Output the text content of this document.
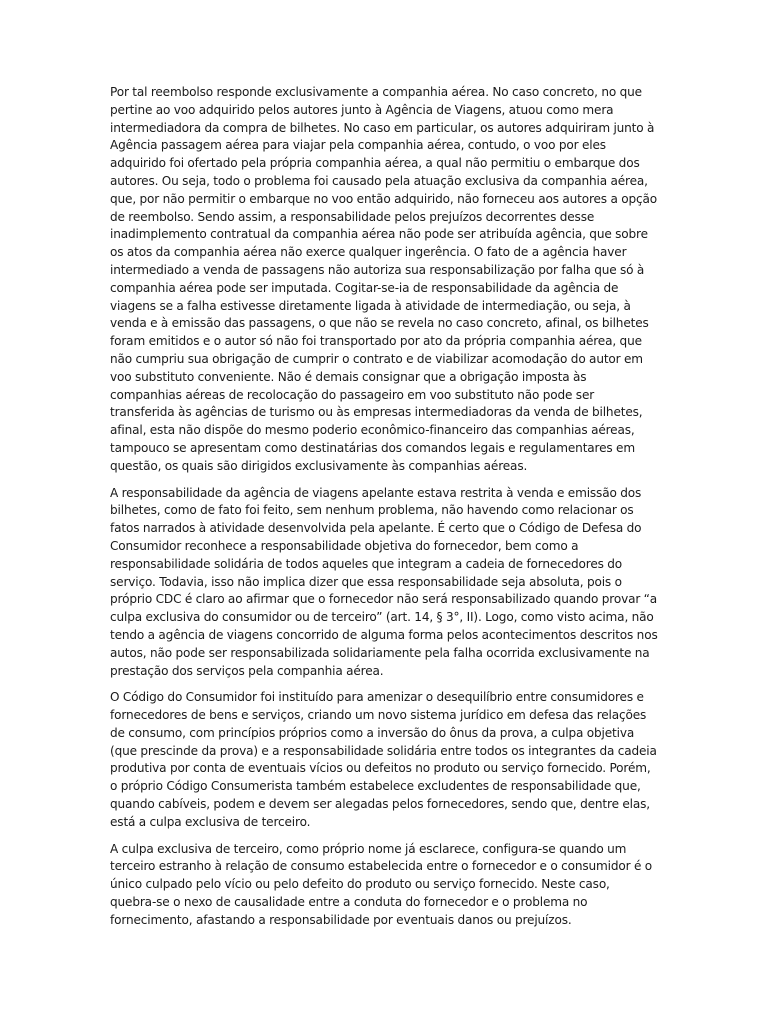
Por tal reembolso responde exclusivamente a companhia aérea. No caso concreto, no que pertine ao voo adquirido pelos autores junto à Agência de Viagens, atuou como mera intermediadora da compra de bilhetes. No caso em particular, os autores adquiriram junto à Agência passagem aérea para viajar pela companhia aérea, contudo, o voo por eles adquirido foi ofertado pela própria companhia aérea, a qual não permitiu o embarque dos autores. Ou seja, todo o problema foi causado pela atuação exclusiva da companhia aérea, que, por não permitir o embarque no voo então adquirido, não forneceu aos autores a opção de reembolso. Sendo assim, a responsabilidade pelos prejuízos decorrentes desse inadimplemento contratual da companhia aérea não pode ser atribuída agência, que sobre os atos da companhia aérea não exerce qualquer ingerência. O fato de a agência haver intermediado a venda de passagens não autoriza sua responsabilização por falha que só à companhia aérea pode ser imputada. Cogitar-se-ia de responsabilidade da agência de viagens se a falha estivesse diretamente ligada à atividade de intermediação, ou seja, à venda e à emissão das passagens, o que não se revela no caso concreto, afinal, os bilhetes foram emitidos e o autor só não foi transportado por ato da própria companhia aérea, que não cumpriu sua obrigação de cumprir o contrato e de viabilizar acomodação do autor em voo substituto conveniente. Não é demais consignar que a obrigação imposta às companhias aéreas de recolocação do passageiro em voo substituto não pode ser transferida às agências de turismo ou às empresas intermediadoras da venda de bilhetes, afinal, esta não dispõe do mesmo poderio econômico-financeiro das companhias aéreas, tampouco se apresentam como destinatárias dos comandos legais e regulamentares em questão, os quais são dirigidos exclusivamente às companhias aéreas.

A responsabilidade da agência de viagens apelante estava restrita à venda e emissão dos bilhetes, como de fato foi feito, sem nenhum problema, não havendo como relacionar os fatos narrados à atividade desenvolvida pela apelante. É certo que o Código de Defesa do Consumidor reconhece a responsabilidade objetiva do fornecedor, bem como a responsabilidade solidária de todos aqueles que integram a cadeia de fornecedores do serviço. Todavia, isso não implica dizer que essa responsabilidade seja absoluta, pois o próprio CDC é claro ao afirmar que o fornecedor não será responsabilizado quando provar “a culpa exclusiva do consumidor ou de terceiro” (art. 14, § 3°, II). Logo, como visto acima, não tendo a agência de viagens concorrido de alguma forma pelos acontecimentos descritos nos autos, não pode ser responsabilizada solidariamente pela falha ocorrida exclusivamente na prestação dos serviços pela companhia aérea.

O Código do Consumidor foi instituído para amenizar o desequilíbrio entre consumidores e fornecedores de bens e serviços, criando um novo sistema jurídico em defesa das relações de consumo, com princípios próprios como a inversão do ônus da prova, a culpa objetiva (que prescinde da prova) e a responsabilidade solidária entre todos os integrantes da cadeia produtiva por conta de eventuais vícios ou defeitos no produto ou serviço fornecido. Porém, o próprio Código Consumerista também estabelece excludentes de responsabilidade que, quando cabíveis, podem e devem ser alegadas pelos fornecedores, sendo que, dentre elas, está a culpa exclusiva de terceiro.

A culpa exclusiva de terceiro, como próprio nome já esclarece, configura-se quando um terceiro estranho à relação de consumo estabelecida entre o fornecedor e o consumidor é o único culpado pelo vício ou pelo defeito do produto ou serviço fornecido. Neste caso, quebra-se o nexo de causalidade entre a conduta do fornecedor e o problema no fornecimento, afastando a responsabilidade por eventuais danos ou prejuízos.
